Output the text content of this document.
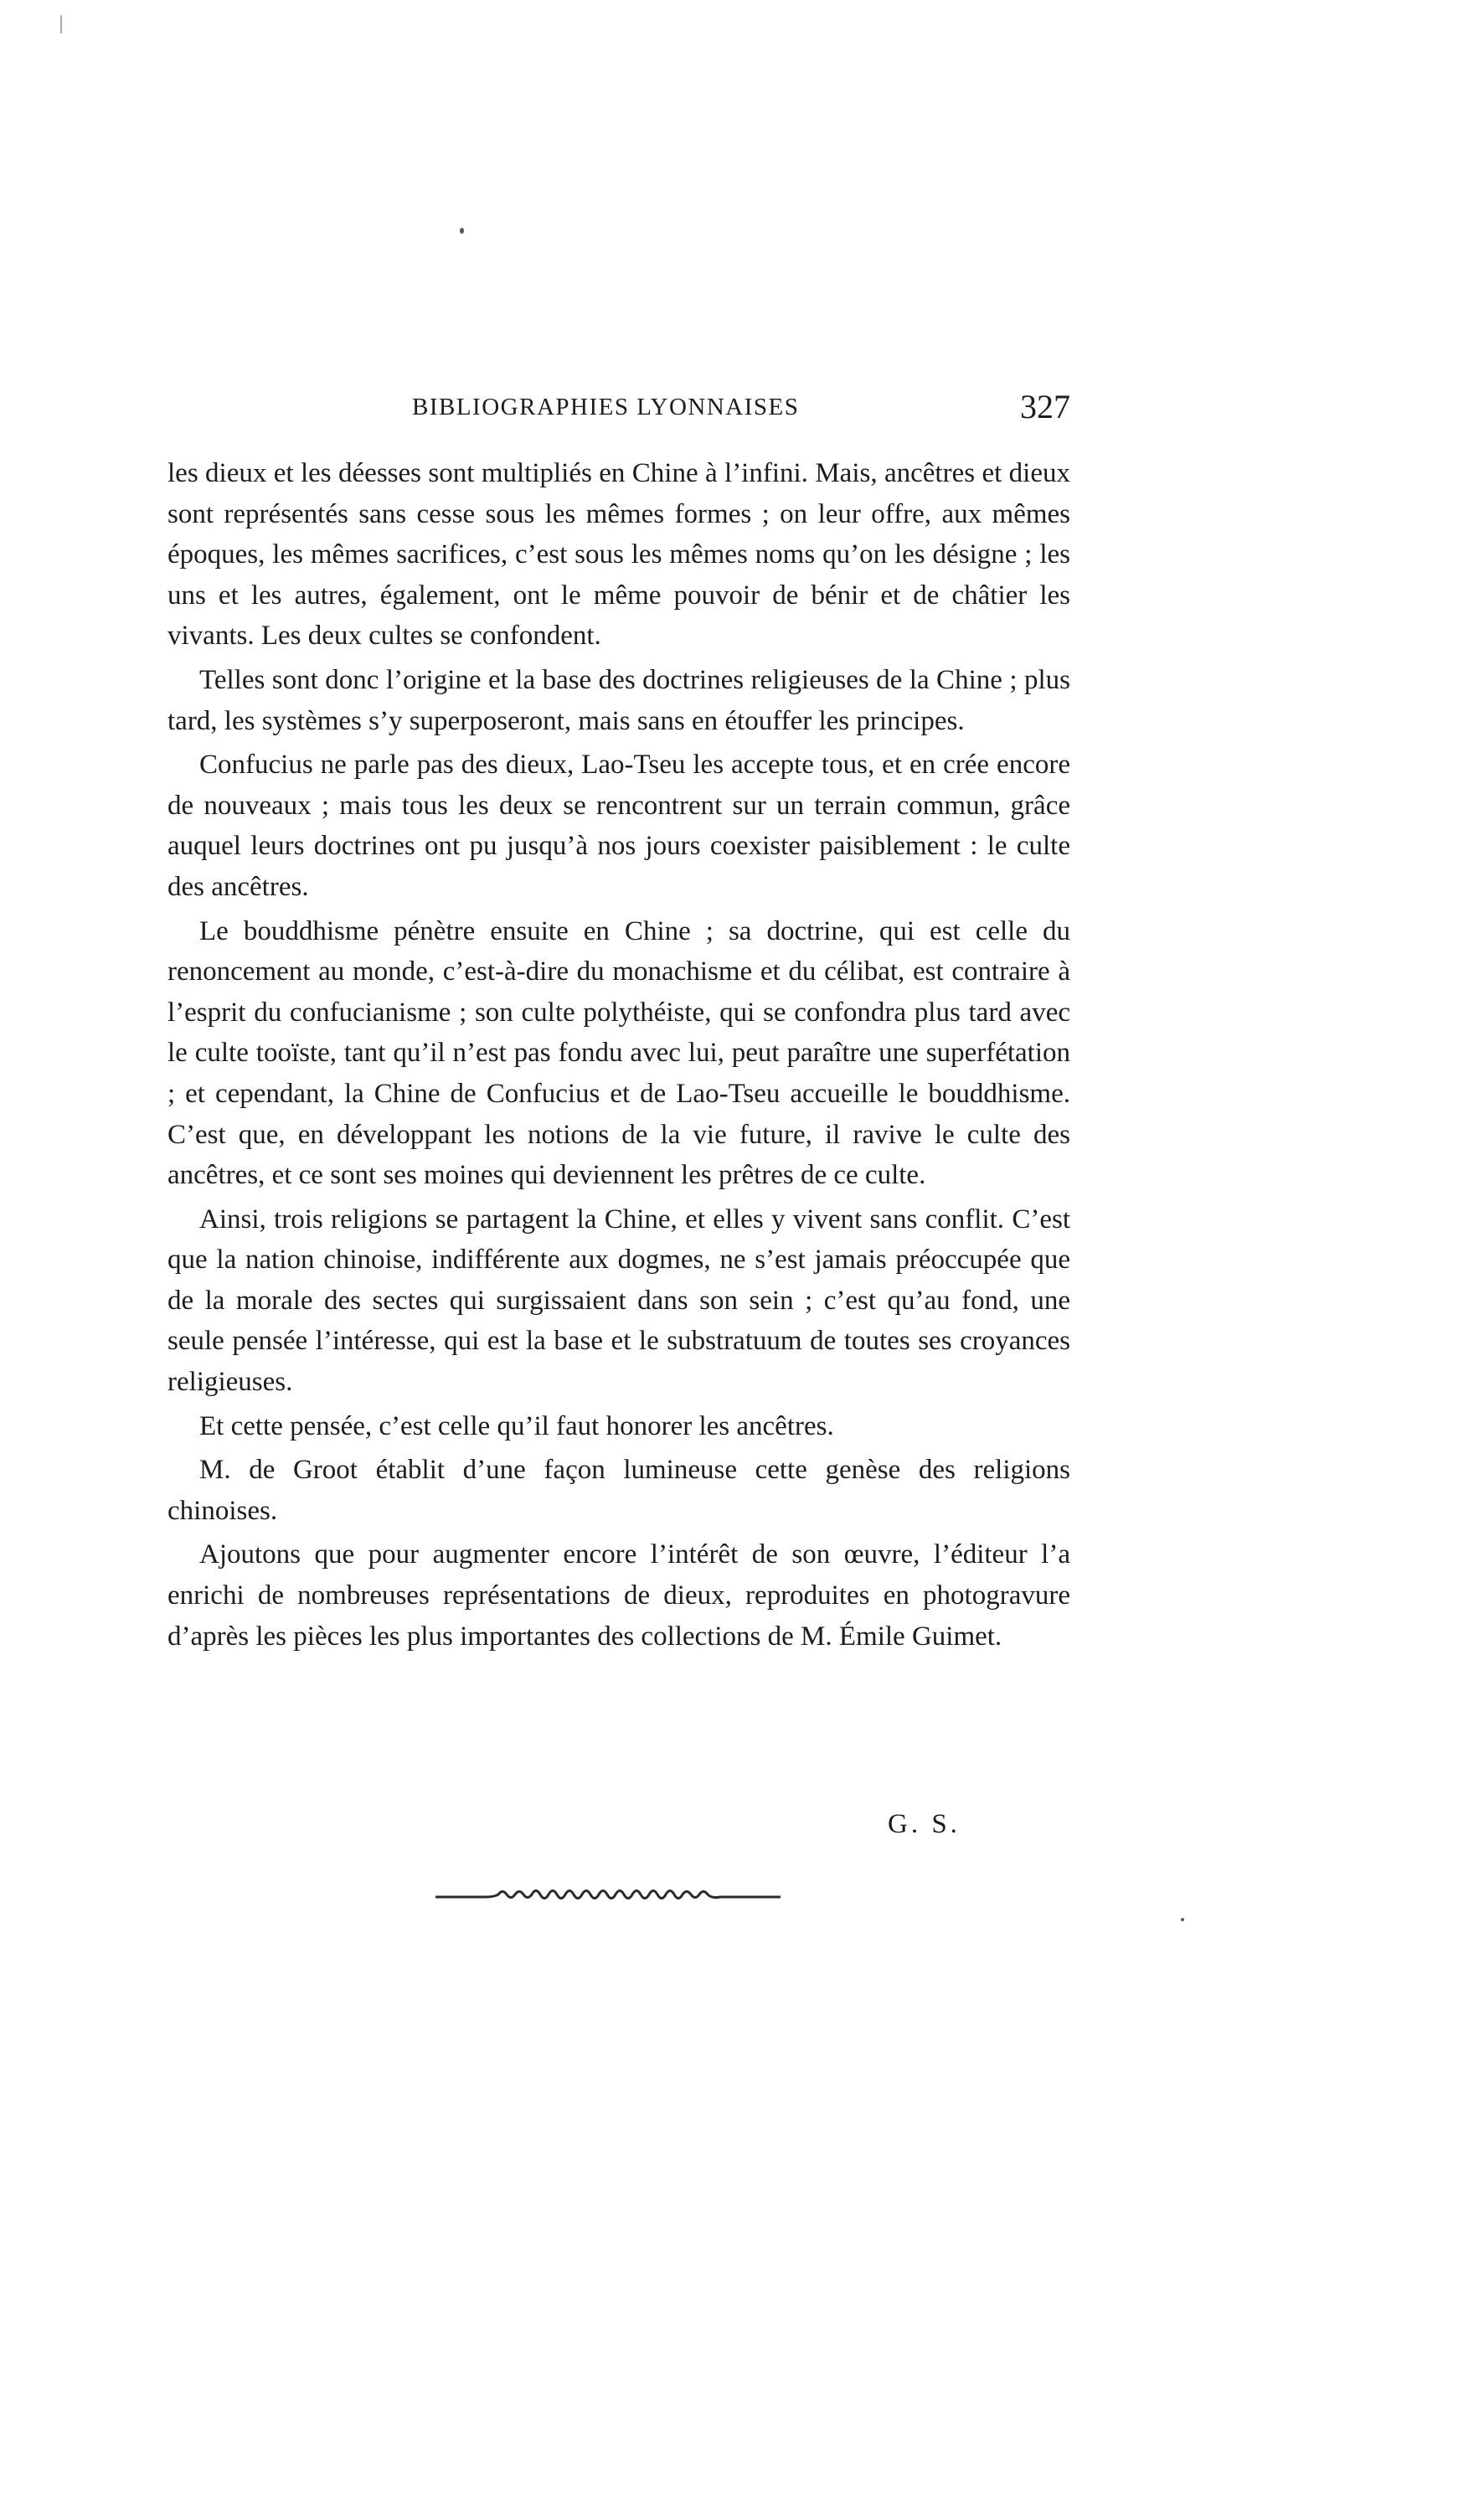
BIBLIOGRAPHIES LYONNAISES	327

les dieux et les déesses sont multipliés en Chine à l’infini. Mais, ancêtres et dieux sont représentés sans cesse sous les mêmes formes ; on leur offre, aux mêmes époques, les mêmes sacrifices, c’est sous les mêmes noms qu’on les désigne ; les uns et les autres, également, ont le même pouvoir de bénir et de châtier les vivants. Les deux cultes se confondent.

Telles sont donc l’origine et la base des doctrines religieuses de la Chine ; plus tard, les systèmes s’y superposeront, mais sans en étouffer les principes.

Confucius ne parle pas des dieux, Lao-Tseu les accepte tous, et en crée encore de nouveaux ; mais tous les deux se rencontrent sur un terrain commun, grâce auquel leurs doctrines ont pu jusqu’à nos jours coexister paisiblement : le culte des ancêtres.

Le bouddhisme pénètre ensuite en Chine ; sa doctrine, qui est celle du renoncement au monde, c’est-à-dire du monachisme et du célibat, est contraire à l’esprit du confucianisme ; son culte polythéiste, qui se confondra plus tard avec le culte tooïste, tant qu’il n’est pas fondu avec lui, peut paraître une superfétation ; et cependant, la Chine de Confucius et de Lao-Tseu accueille le bouddhisme. C’est que, en développant les notions de la vie future, il ravive le culte des ancêtres, et ce sont ses moines qui deviennent les prêtres de ce culte.

Ainsi, trois religions se partagent la Chine, et elles y vivent sans conflit. C’est que la nation chinoise, indifférente aux dogmes, ne s’est jamais préoccupée que de la morale des sectes qui surgissaient dans son sein ; c’est qu’au fond, une seule pensée l’intéresse, qui est la base et le substratuum de toutes ses croyances religieuses.

Et cette pensée, c’est celle qu’il faut honorer les ancêtres.

M. de Groot établit d’une façon lumineuse cette genèse des religions chinoises.

Ajoutons que pour augmenter encore l’intérêt de son œuvre, l’éditeur l’a enrichi de nombreuses représentations de dieux, reproduites en photogravure d’après les pièces les plus importantes des collections de M. Émile Guimet.

G. S.
